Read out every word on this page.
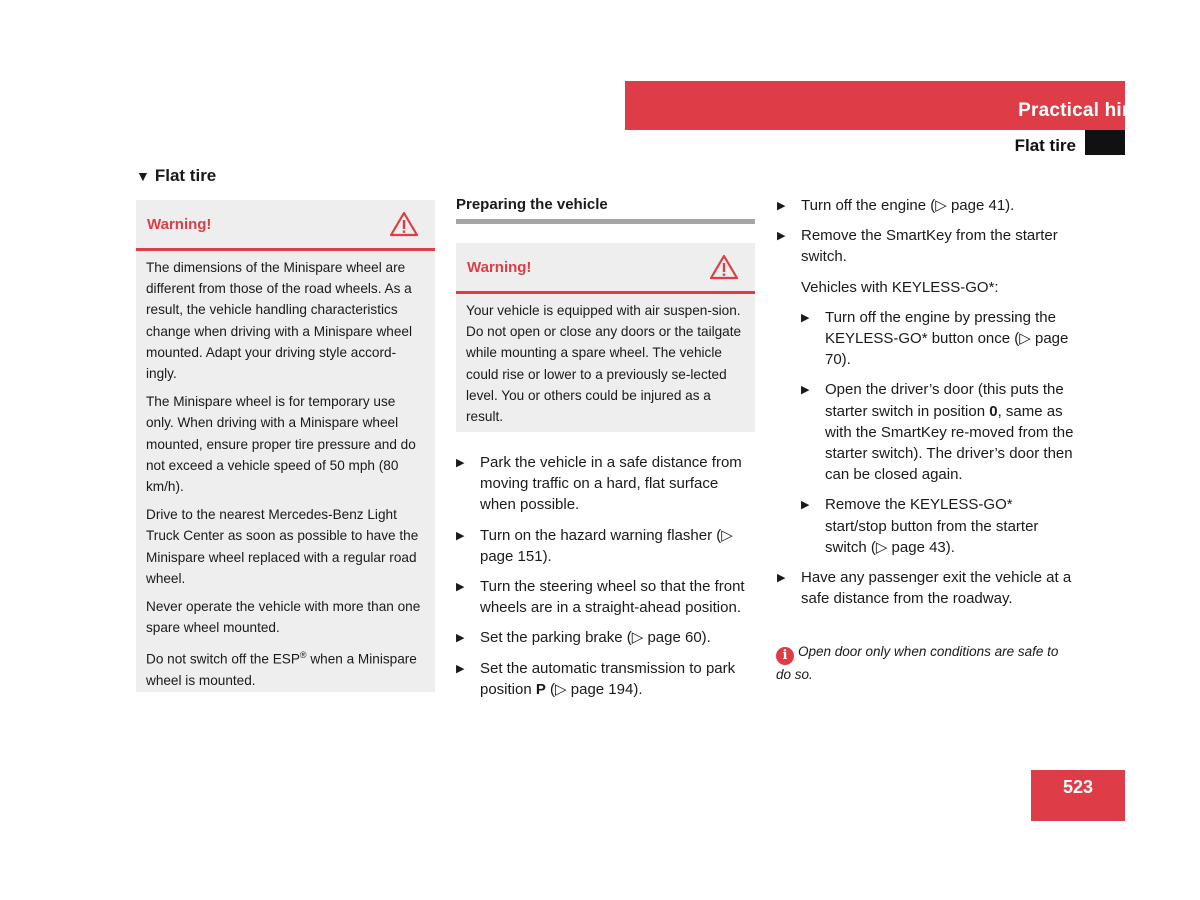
Practical hints
Flat tire
▼ Flat tire
Warning!

The dimensions of the Minispare wheel are different from those of the road wheels. As a result, the vehicle handling characteristics change when driving with a Minispare wheel mounted. Adapt your driving style accord-ingly.

The Minispare wheel is for temporary use only. When driving with a Minispare wheel mounted, ensure proper tire pressure and do not exceed a vehicle speed of 50 mph (80 km/h).

Drive to the nearest Mercedes-Benz Light Truck Center as soon as possible to have the Minispare wheel replaced with a regular road wheel.

Never operate the vehicle with more than one spare wheel mounted.

Do not switch off the ESP® when a Minispare wheel is mounted.

Preparing the vehicle
Warning!

Your vehicle is equipped with air suspen-sion. Do not open or close any doors or the tailgate while mounting a spare wheel. The vehicle could rise or lower to a previously se-lected level. You or others could be injured as a result.

▶ Park the vehicle in a safe distance from moving traffic on a hard, flat surface when possible.
▶ Turn on the hazard warning flasher (▷ page 151).
▶ Turn the steering wheel so that the front wheels are in a straight-ahead position.
▶ Set the parking brake (▷ page 60).
▶ Set the automatic transmission to park position P (▷ page 194).
▶ Turn off the engine (▷ page 41).
▶ Remove the SmartKey from the starter switch.

Vehicles with KEYLESS-GO*:

▶ Turn off the engine by pressing the KEYLESS-GO* button once (▷ page 70).
▶ Open the driver’s door (this puts the starter switch in position 0, same as with the SmartKey re-moved from the starter switch). The driver’s door then can be closed again.
▶ Remove the KEYLESS-GO* start/stop button from the starter switch (▷ page 43).
▶ Have any passenger exit the vehicle at a safe distance from the roadway.
i Open door only when conditions are safe to do so.
523
